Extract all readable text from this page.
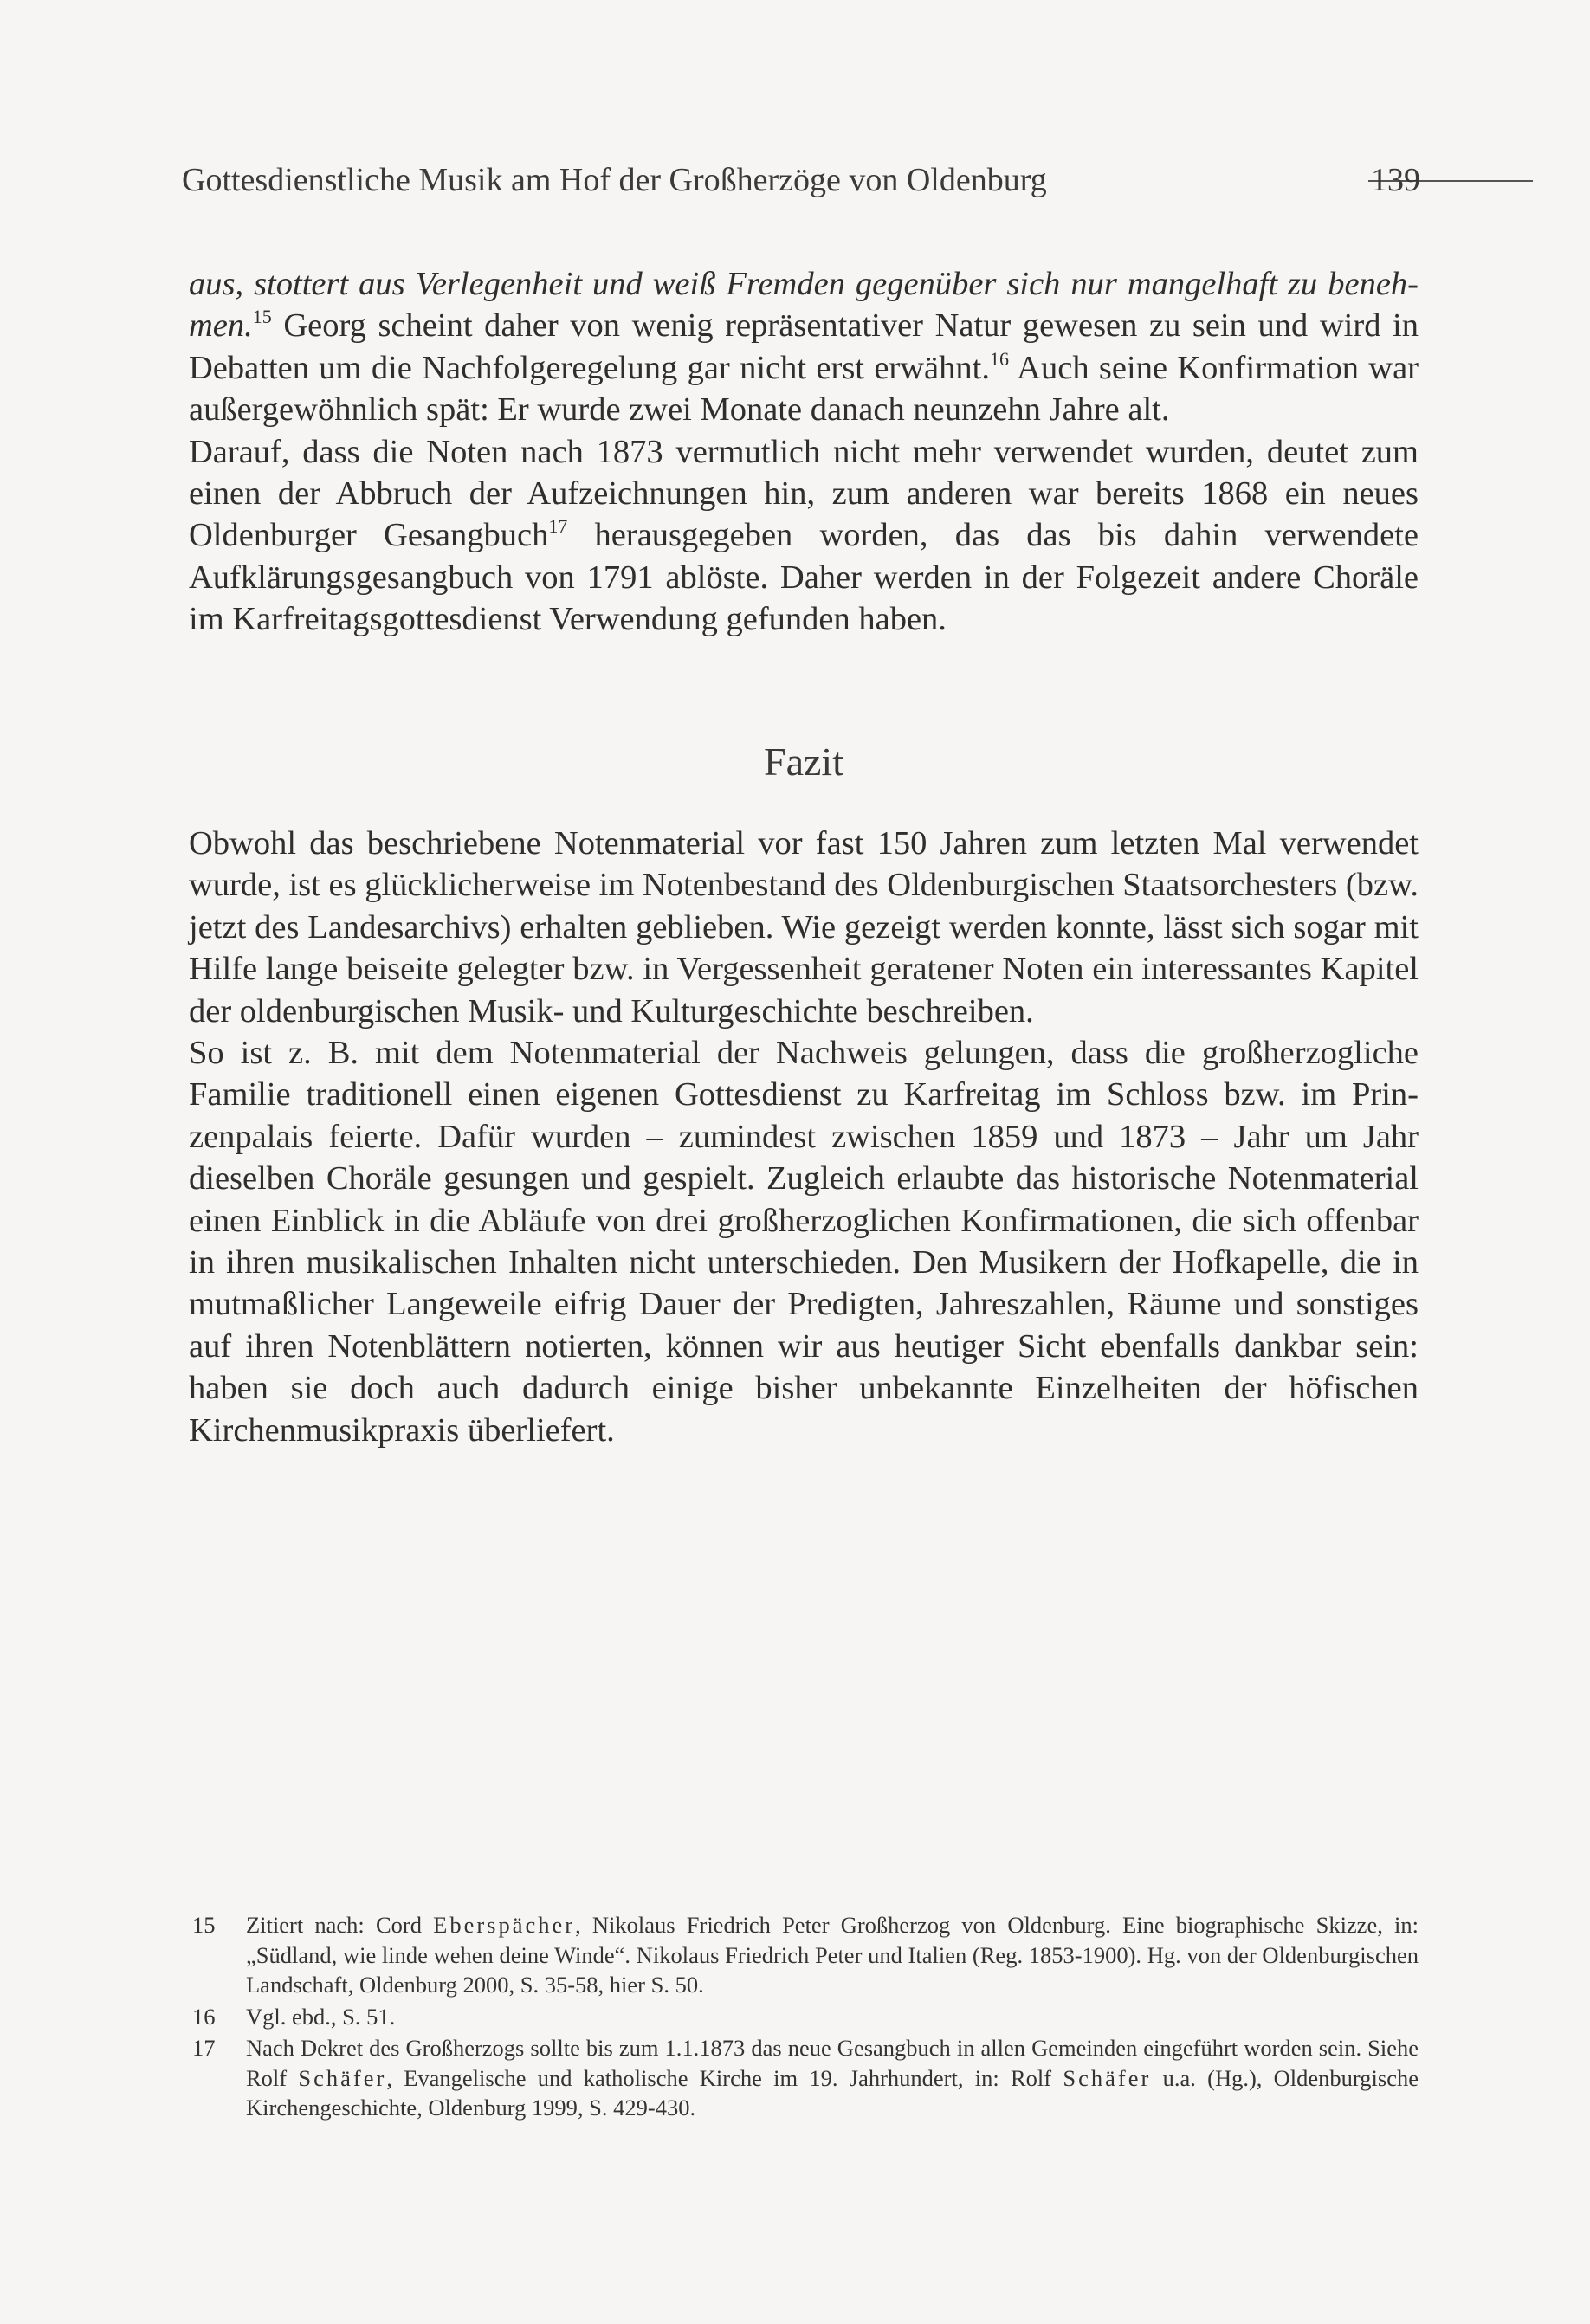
Gottesdienstliche Musik am Hof der Großherzöge von Oldenburg	139

aus, stottert aus Verlegenheit und weiß Fremden gegenüber sich nur mangelhaft zu benehmen.$^{15}$ Georg scheint daher von wenig repräsentativer Natur gewesen zu sein und wird in Debatten um die Nachfolgeregelung gar nicht erst erwähnt.$^{16}$ Auch seine Konfirmation war außergewöhnlich spät: Er wurde zwei Monate danach neunzehn Jahre alt.

Darauf, dass die Noten nach 1873 vermutlich nicht mehr verwendet wurden, deutet zum einen der Abbruch der Aufzeichnungen hin, zum anderen war bereits 1868 ein neues Oldenburger Gesangbuch$^{17}$ herausgegeben worden, das das bis dahin verwendete Aufklärungsgesangbuch von 1791 ablöste. Daher werden in der Folgezeit andere Choräle im Karfreitagsgottesdienst Verwendung gefunden haben.

Fazit

Obwohl das beschriebene Notenmaterial vor fast 150 Jahren zum letzten Mal verwendet wurde, ist es glücklicherweise im Notenbestand des Oldenburgischen Staatsorchesters (bzw. jetzt des Landesarchivs) erhalten geblieben. Wie gezeigt werden konnte, lässt sich sogar mit Hilfe lange beiseite gelegter bzw. in Vergessenheit geratener Noten ein interessantes Kapitel der oldenburgischen Musik- und Kulturgeschichte beschreiben.

So ist z. B. mit dem Notenmaterial der Nachweis gelungen, dass die großherzogliche Familie traditionell einen eigenen Gottesdienst zu Karfreitag im Schloss bzw. im Prinzenpalais feierte. Dafür wurden – zumindest zwischen 1859 und 1873 – Jahr um Jahr dieselben Choräle gesungen und gespielt. Zugleich erlaubte das historische Notenmaterial einen Einblick in die Abläufe von drei großherzoglichen Konfirmationen, die sich offenbar in ihren musikalischen Inhalten nicht unterschieden. Den Musikern der Hofkapelle, die in mutmaßlicher Langeweile eifrig Dauer der Predigten, Jahreszahlen, Räume und sonstiges auf ihren Notenblättern notierten, können wir aus heutiger Sicht ebenfalls dankbar sein: haben sie doch auch dadurch einige bisher unbekannte Einzelheiten der höfischen Kirchenmusikpraxis überliefert.

15 Zitiert nach: Cord Eberspächer, Nikolaus Friedrich Peter Großherzog von Oldenburg. Eine biographische Skizze, in: „Südland, wie linde wehen deine Winde“. Nikolaus Friedrich Peter und Italien (Reg. 1853-1900). Hg. von der Oldenburgischen Landschaft, Oldenburg 2000, S. 35-58, hier S. 50.

16 Vgl. ebd., S. 51.

17 Nach Dekret des Großherzogs sollte bis zum 1.1.1873 das neue Gesangbuch in allen Gemeinden eingeführt worden sein. Siehe Rolf Schäfer, Evangelische und katholische Kirche im 19. Jahrhundert, in: Rolf Schäfer u.a. (Hg.), Oldenburgische Kirchengeschichte, Oldenburg 1999, S. 429-430.
